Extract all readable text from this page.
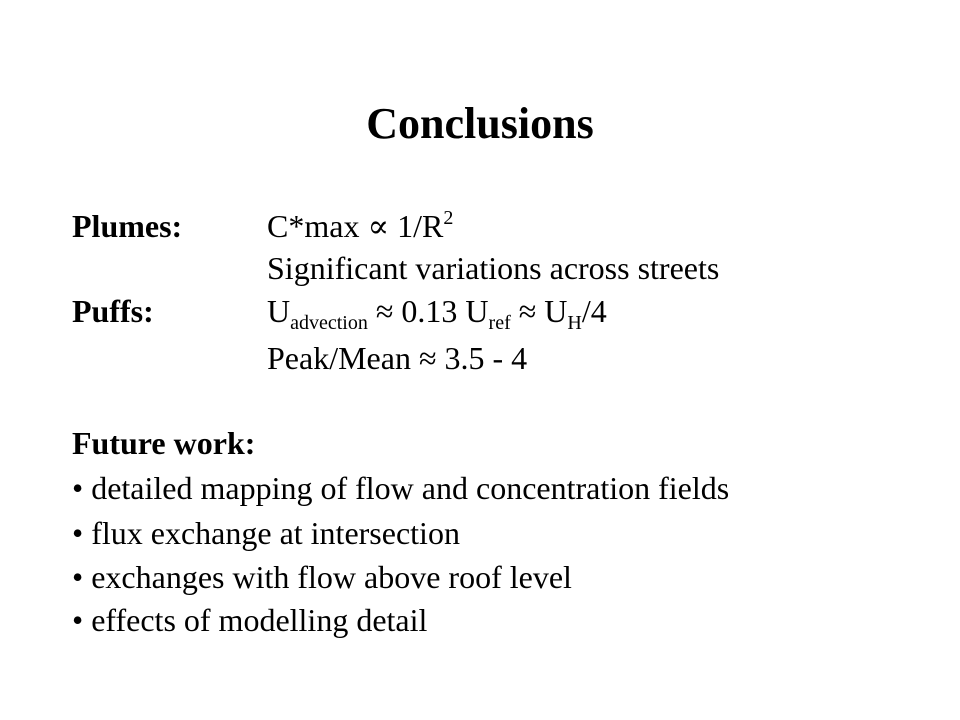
Conclusions
Plumes:	$C*\max \propto 1/R^2$
Significant variations across streets
Puffs:	$U_{advection} \approx 0.13$ $U_{ref} \approx U_H/4$
Peak/Mean ≈ 3.5 - 4
Future work:
• detailed mapping of flow and concentration fields
• flux exchange at intersection
• exchanges with flow above roof level
• effects of modelling detail
